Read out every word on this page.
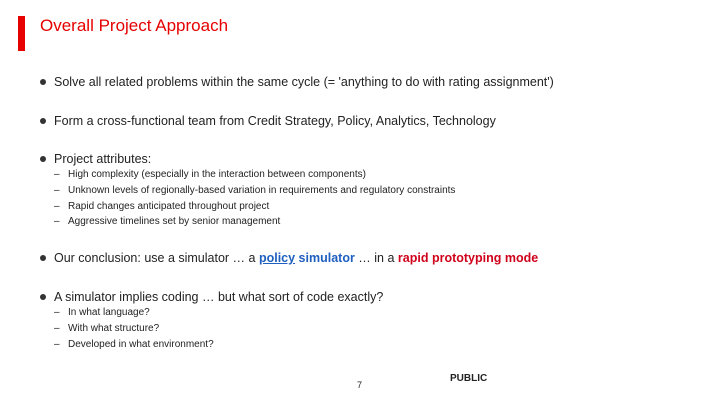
Overall Project Approach
Solve all related problems within the same cycle (= 'anything to do with rating assignment')
Form a cross-functional team from Credit Strategy, Policy, Analytics, Technology
Project attributes:
– High complexity (especially in the interaction between components)
– Unknown levels of regionally-based variation in requirements and regulatory constraints
– Rapid changes anticipated throughout project
– Aggressive timelines set by senior management
Our conclusion: use a simulator … a policy simulator … in a rapid prototyping mode
A simulator implies coding … but what sort of code exactly?
– In what language?
– With what structure?
– Developed in what environment?
7
PUBLIC
